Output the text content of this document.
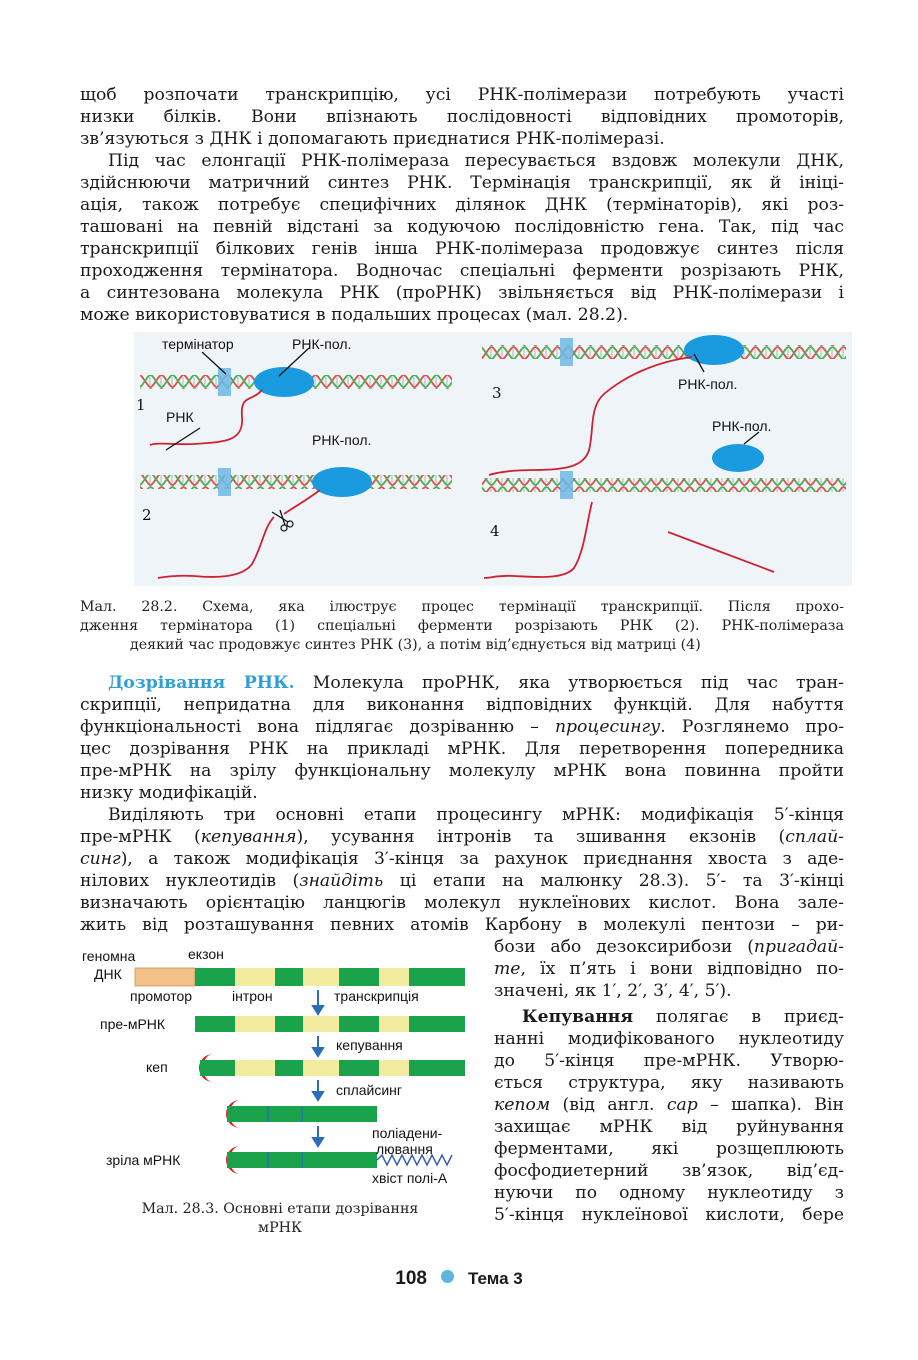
щоб розпочати транскрипцію, усі РНК-полімерази потребують участі
низки білків. Вони впізнають послідовності відповідних промоторів,
зв’язуються з ДНК і допомагають приєднатися РНК-полімеразі.
Під час елонгації РНК-полімераза пересувається вздовж молекули ДНК,
здійснюючи матричний синтез РНК. Термінація транскрипції, як й ініці-
ація, також потребує специфічних ділянок ДНК (термінаторів), які роз-
ташовані на певній відстані за кодуючою послідовністю гена. Так, під час
транскрипції білкових генів інша РНК-полімераза продовжує синтез після
проходження термінатора. Водночас спеціальні ферменти розрізають РНК,
а синтезована молекула РНК (проРНК) звільняється від РНК-полімерази і
може використовуватися в подальших процесах (мал. 28.2).
термінатор	РНК-пол.
РНК
РНК-пол.
РНК-пол.
РНК-пол.
1
2
3
4
Мал. 28.2. Схема, яка ілюструє процес термінації транскрипції. Після прохо-
дження термінатора (1) спеціальні ферменти розрізають РНК (2). РНК-полімераза
деякий час продовжує синтез РНК (3), а потім від’єднується від матриці (4)
Дозрівання РНК. Молекула проРНК, яка утворюється під час тран-
скрипції, непридатна для виконання відповідних функцій. Для набуття
функціональності вона підлягає дозріванню – процесингу. Розглянемо про-
цес дозрівання РНК на прикладі мРНК. Для перетворення попередника
пре-мРНК на зрілу функціональну молекулу мРНК вона повинна пройти
низку модифікацій.
Виділяють три основні етапи процесингу мРНК: модифікація 5′-кінця
пре-мРНК (кепування), усування інтронів та зшивання екзонів (сплай-
синг), а також модифікація 3′-кінця за рахунок приєднання хвоста з аде-
нілових нуклеотидів (знайдіть ці етапи на малюнку 28.3). 5′- та 3′-кінці
визначають орієнтацію ланцюгів молекул нуклеїнових кислот. Вона зале-
жить від розташування певних атомів Карбону в молекулі пентози – ри-
бози або дезоксирибози (пригадай-
те, їх п’ять і вони відповідно по-
значені, як 1′, 2′, 3′, 4′, 5′).
Кепування полягає в приєд-
нанні модифікованого нуклеотиду
до 5′-кінця пре-мРНК. Утворю-
ється структура, яку називають
кепом (від англ. cap – шапка). Він
захищає мРНК від руйнування
ферментами, які розщеплюють
фосфодиетерний зв’язок, від’єд-
нуючи по одному нуклеотиду з
5′-кінця нуклеїнової кислоти, бере
геномна
ДНК
екзон
промотор	інтрон	транскрипція
пре-мРНК
кепування
кеп
сплайсинг
поліадени-
лювання
зріла мРНК
хвіст полі-А
Мал. 28.3. Основні етапи дозрівання
мРНК
108 Тема 3
